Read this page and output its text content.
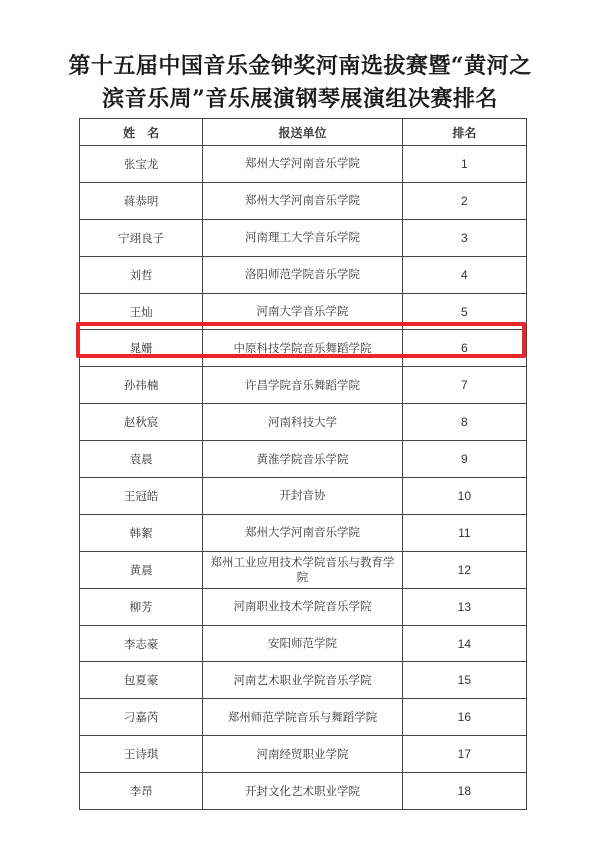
第十五届中国音乐金钟奖河南选拔赛暨“黄河之
滨音乐周”音乐展演钢琴展演组决赛排名
姓　名	报送单位	排名
张宝龙	郑州大学河南音乐学院	1
蒋恭明	郑州大学河南音乐学院	2
宁翊良子	河南理工大学音乐学院	3
刘哲	洛阳师范学院音乐学院	4
王灿	河南大学音乐学院	5
晁姗	中原科技学院音乐舞蹈学院	6
孙祎楠	许昌学院音乐舞蹈学院	7
赵秋宸	河南科技大学	8
袁晨	黄淮学院音乐学院	9
王冠皓	开封音协	10
韩絮	郑州大学河南音乐学院	11
黄晨	郑州工业应用技术学院音乐与教育学院	12
柳芳	河南职业技术学院音乐学院	13
李志豪	安阳师范学院	14
包夏豪	河南艺术职业学院音乐学院	15
刁嘉芮	郑州师范学院音乐与舞蹈学院	16
王诗琪	河南经贸职业学院	17
李昂	开封文化艺术职业学院	18
